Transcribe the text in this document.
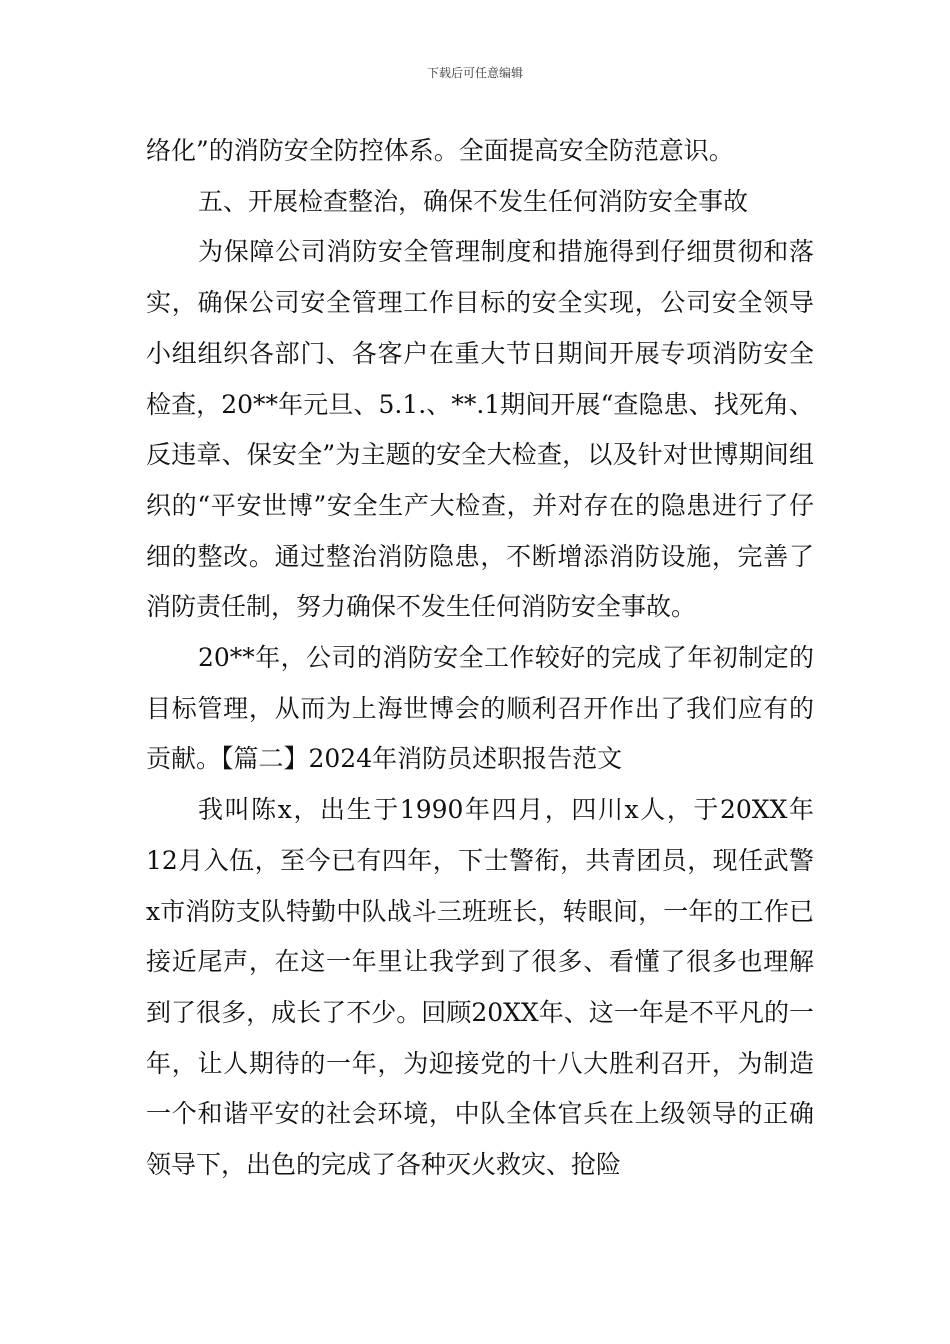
下载后可任意编辑

络化”的消防安全防控体系。全面提高安全防范意识。

五、开展检查整治，确保不发生任何消防安全事故

为保障公司消防安全管理制度和措施得到仔细贯彻和落实，确保公司安全管理工作目标的安全实现，公司安全领导小组组织各部门、各客户在重大节日期间开展专项消防安全检查，20**年元旦、5.1.、**.1期间开展“查隐患、找死角、反违章、保安全”为主题的安全大检查，以及针对世博期间组织的“平安世博”安全生产大检查，并对存在的隐患进行了仔细的整改。通过整治消防隐患，不断增添消防设施，完善了消防责任制，努力确保不发生任何消防安全事故。

20**年，公司的消防安全工作较好的完成了年初制定的目标管理，从而为上海世博会的顺利召开作出了我们应有的贡献。【篇二】2024年消防员述职报告范文

我叫陈x，出生于1990年四月，四川x人，于20XX年12月入伍，至今已有四年，下士警衔，共青团员，现任武警x市消防支队特勤中队战斗三班班长，转眼间，一年的工作已接近尾声，在这一年里让我学到了很多、看懂了很多也理解到了很多，成长了不少。回顾20XX年、这一年是不平凡的一年，让人期待的一年，为迎接党的十八大胜利召开，为制造一个和谐平安的社会环境，中队全体官兵在上级领导的正确领导下，出色的完成了各种灭火救灾、抢险
